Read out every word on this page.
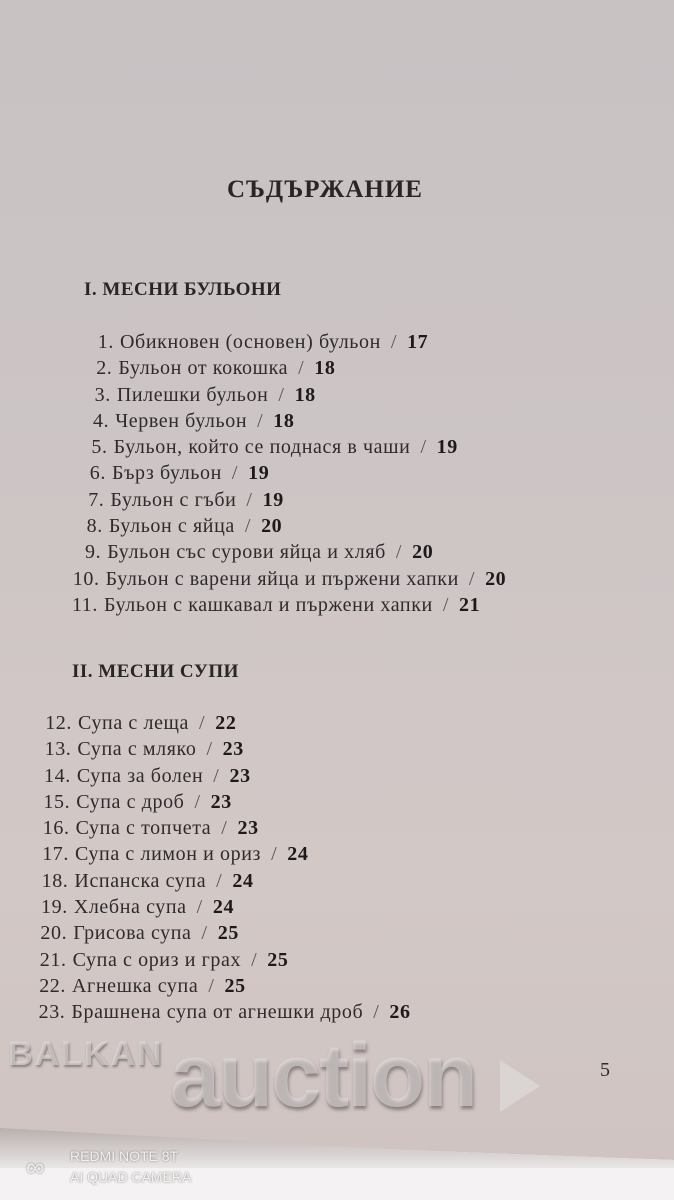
СЪДЪРЖАНИЕ
I. МЕСНИ БУЛЬОНИ
1. Обикновен (основен) бульон / 17
2. Бульон от кокошка / 18
3. Пилешки бульон / 18
4. Червен бульон / 18
5. Бульон, който се поднася в чаши / 19
6. Бърз бульон / 19
7. Бульон с гъби / 19
8. Бульон с яйца / 20
9. Бульон със сурови яйца и хляб / 20
10. Бульон с варени яйца и пържени хапки / 20
11. Бульон с кашкавал и пържени хапки / 21
II. МЕСНИ СУПИ
12. Супа с леща / 22
13. Супа с мляко / 23
14. Супа за болен / 23
15. Супа с дроб / 23
16. Супа с топчета / 23
17. Супа с лимон и ориз / 24
18. Испанска супа / 24
19. Хлебна супа / 24
20. Грисова супа / 25
21. Супа с ориз и грах / 25
22. Агнешка супа / 25
23. Брашнена супа от агнешки дроб / 26
5
BALKAN auction
∞	REDMI NOTE 8T
AI QUAD CAMERA
